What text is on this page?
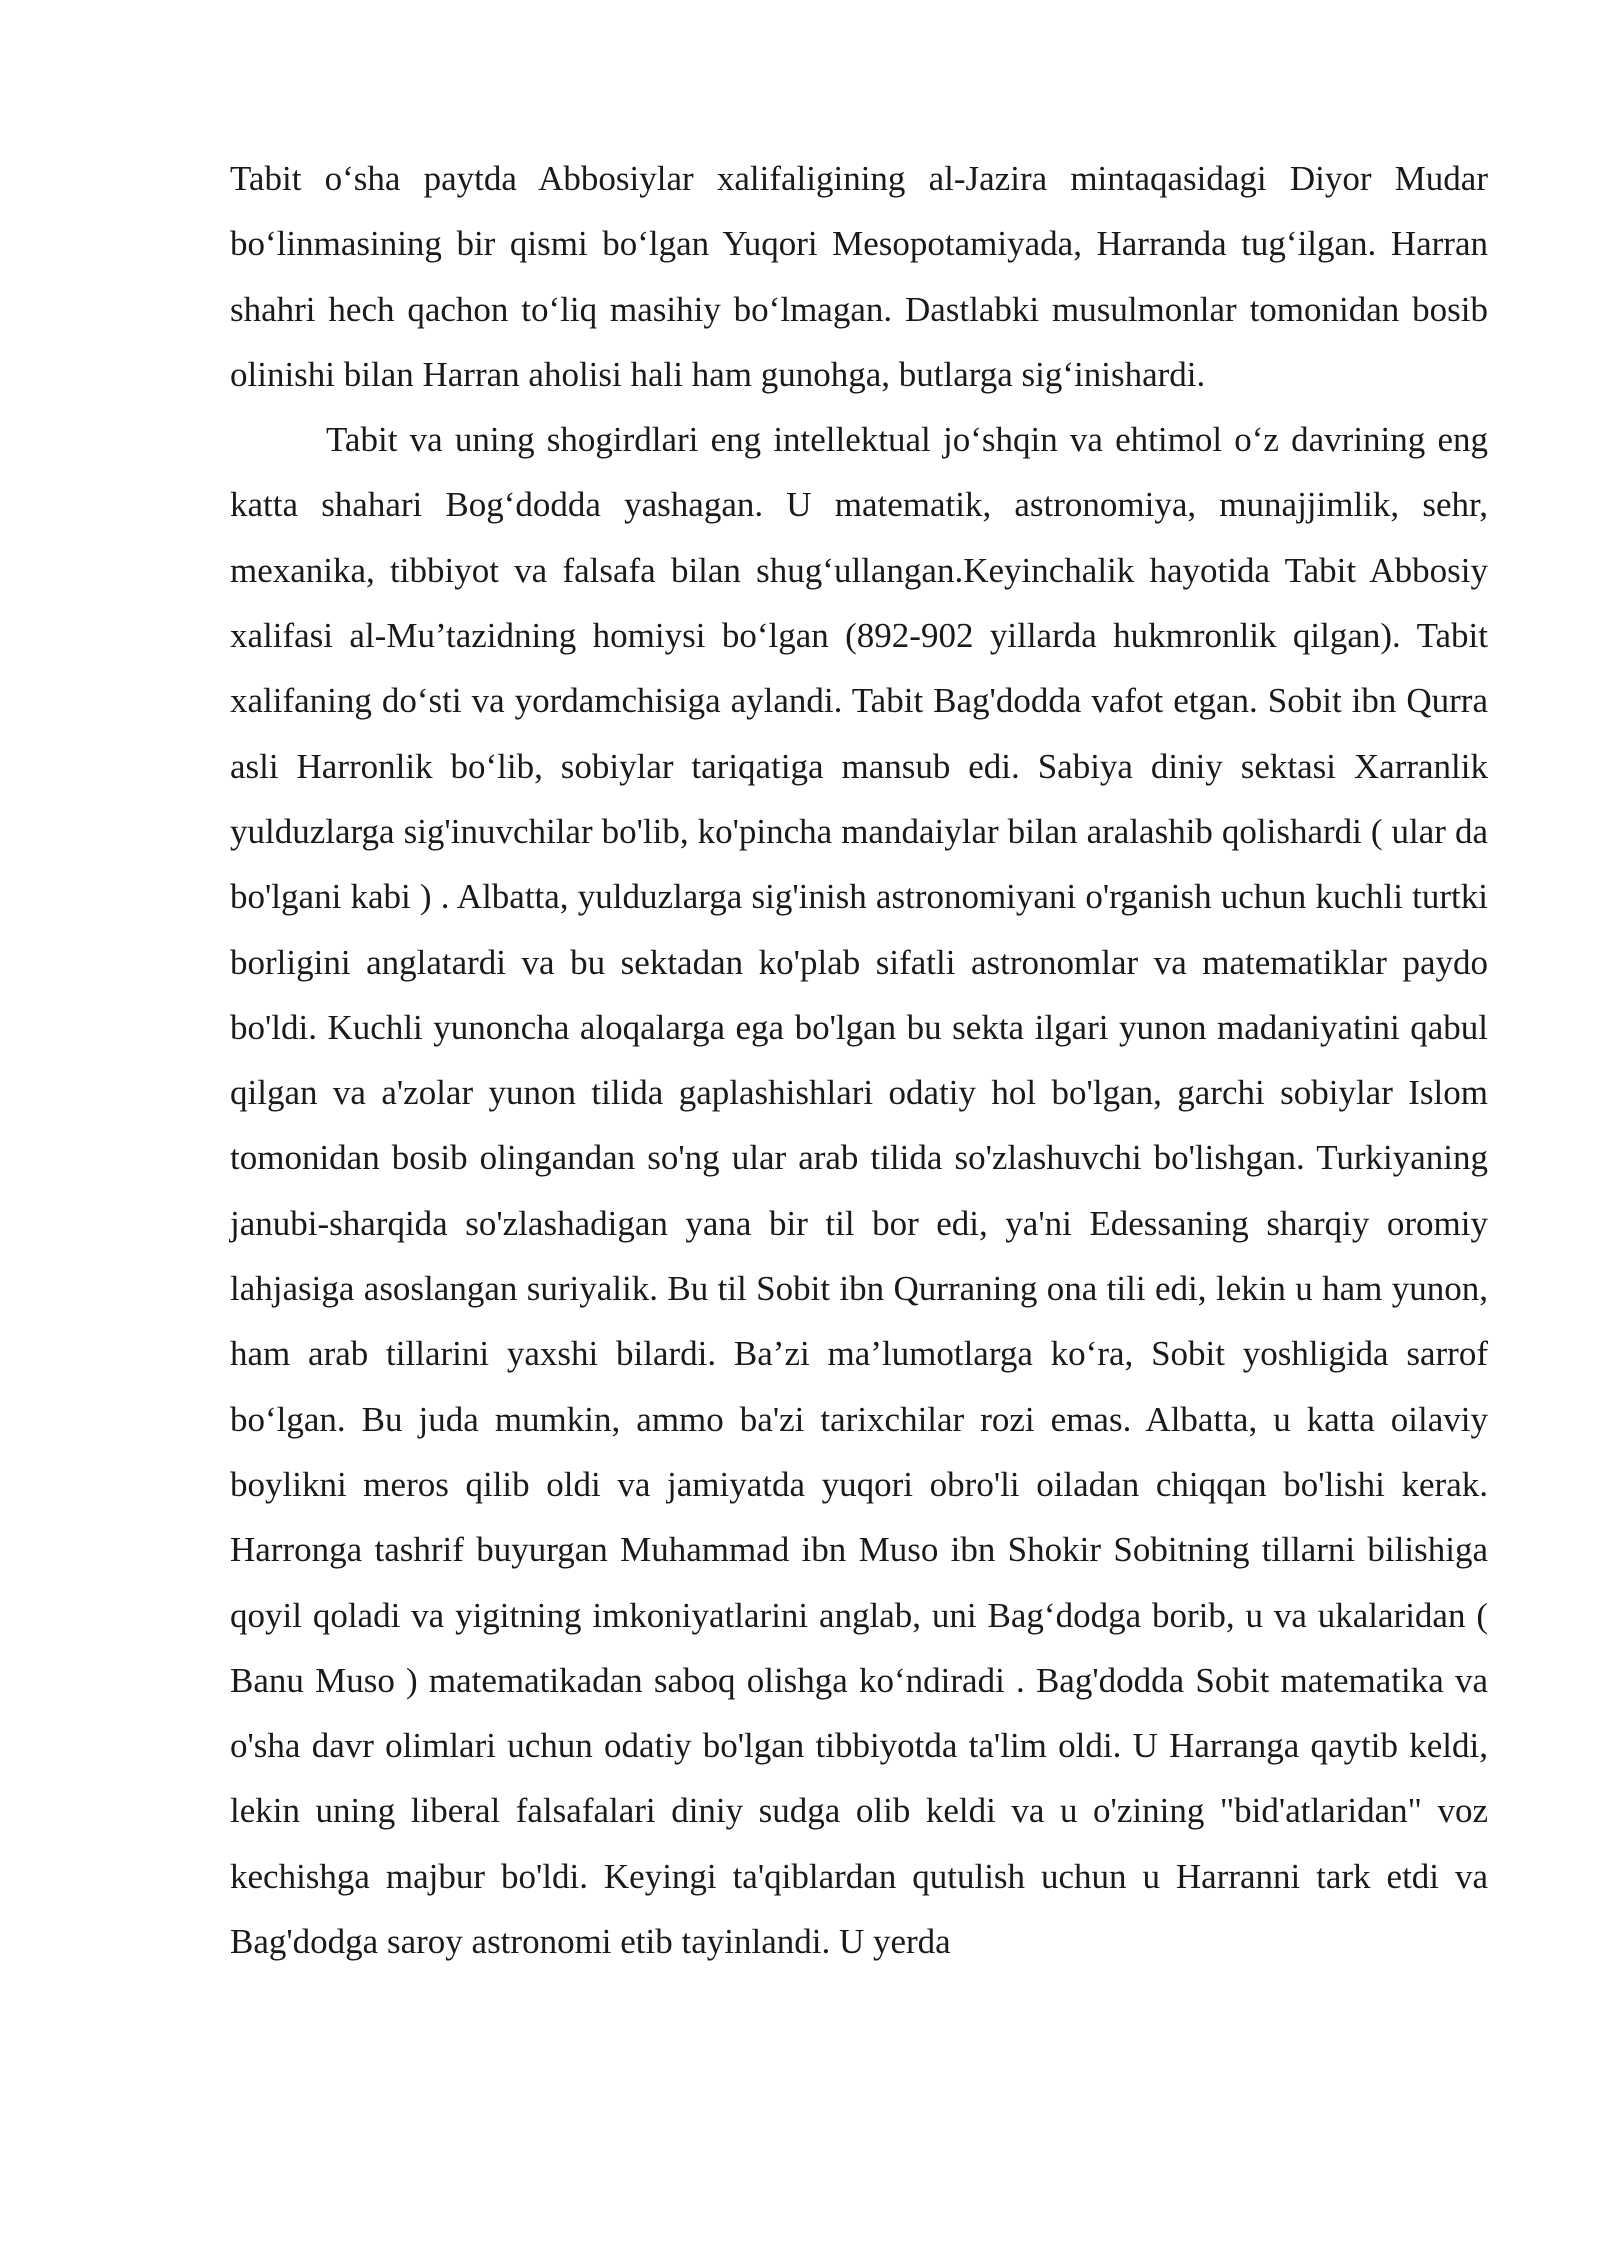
Tabit o‘sha paytda Abbosiylar xalifaligining al-Jazira mintaqasidagi Diyor Mudar bo‘linmasining bir qismi bo‘lgan Yuqori Mesopotamiyada, Harranda tug‘ilgan. Harran shahri hech qachon to‘liq masihiy bo‘lmagan. Dastlabki musulmonlar tomonidan bosib olinishi bilan Harran aholisi hali ham gunohga, butlarga sig‘inishardi.

Tabit va uning shogirdlari eng intellektual jo‘shqin va ehtimol o‘z davrining eng katta shahari Bog‘dodda yashagan. U matematik, astronomiya, munajjimlik, sehr, mexanika, tibbiyot va falsafa bilan shug‘ullangan.Keyinchalik hayotida Tabit Abbosiy xalifasi al-Mu’tazidning homiysi bo‘lgan (892-902 yillarda hukmronlik qilgan). Tabit xalifaning do‘sti va yordamchisiga aylandi. Tabit Bag'dodda vafot etgan. Sobit ibn Qurra asli Harronlik bo‘lib, sobiylar tariqatiga mansub edi. Sabiya diniy sektasi Xarranlik yulduzlarga sig'inuvchilar bo'lib, ko'pincha mandaiylar bilan aralashib qolishardi ( ular da bo'lgani kabi ) . Albatta, yulduzlarga sig'inish astronomiyani o'rganish uchun kuchli turtki borligini anglatardi va bu sektadan ko'plab sifatli astronomlar va matematiklar paydo bo'ldi. Kuchli yunoncha aloqalarga ega bo'lgan bu sekta ilgari yunon madaniyatini qabul qilgan va a'zolar yunon tilida gaplashishlari odatiy hol bo'lgan, garchi sobiylar Islom tomonidan bosib olingandan so'ng ular arab tilida so'zlashuvchi bo'lishgan. Turkiyaning janubi-sharqida so'zlashadigan yana bir til bor edi, ya'ni Edessaning sharqiy oromiy lahjasiga asoslangan suriyalik. Bu til Sobit ibn Qurraning ona tili edi, lekin u ham yunon, ham arab tillarini yaxshi bilardi. Ba’zi ma’lumotlarga ko‘ra, Sobit yoshligida sarrof bo‘lgan. Bu juda mumkin, ammo ba'zi tarixchilar rozi emas. Albatta, u katta oilaviy boylikni meros qilib oldi va jamiyatda yuqori obro'li oiladan chiqqan bo'lishi kerak. Harronga tashrif buyurgan Muhammad ibn Muso ibn Shokir Sobitning tillarni bilishiga qoyil qoladi va yigitning imkoniyatlarini anglab, uni Bag‘dodga borib, u va ukalaridan ( Banu Muso ) matematikadan saboq olishga ko‘ndiradi . Bag'dodda Sobit matematika va o'sha davr olimlari uchun odatiy bo'lgan tibbiyotda ta'lim oldi. U Harranga qaytib keldi, lekin uning liberal falsafalari diniy sudga olib keldi va u o'zining "bid'atlaridan" voz kechishga majbur bo'ldi. Keyingi ta'qiblardan qutulish uchun u Harranni tark etdi va Bag'dodga saroy astronomi etib tayinlandi. U yerda
